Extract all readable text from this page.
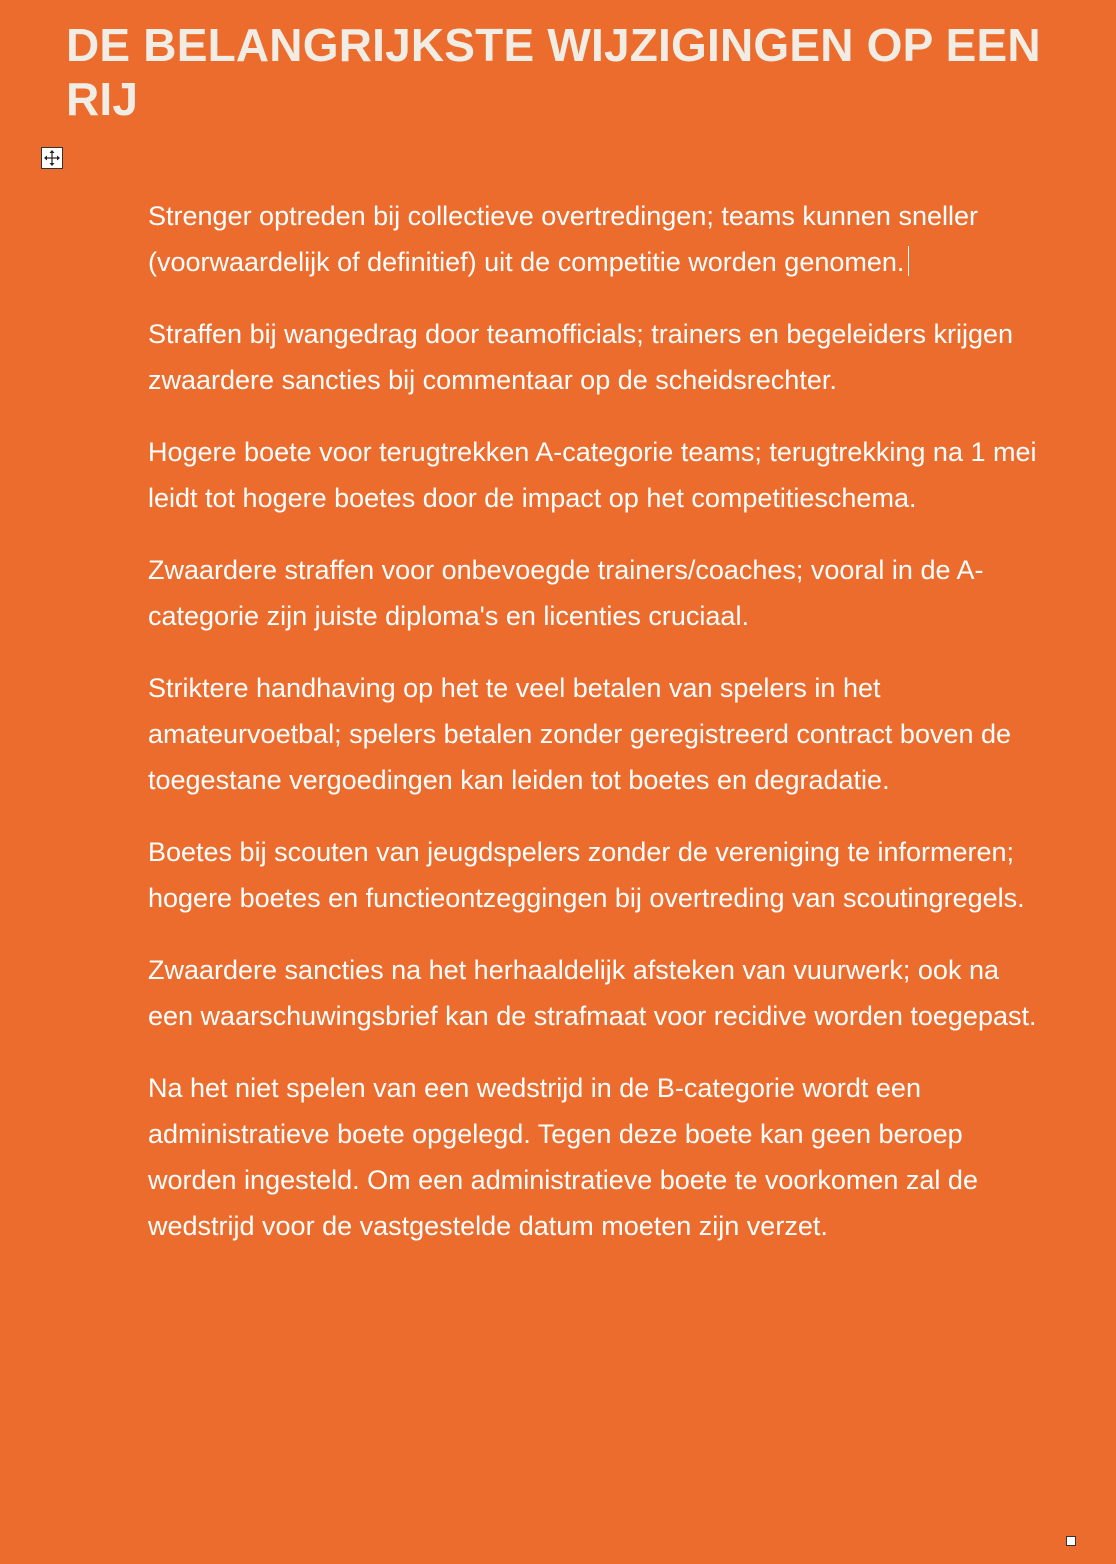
DE BELANGRIJKSTE WIJZIGINGEN OP EEN RIJ

Strenger optreden bij collectieve overtredingen; teams kunnen sneller (voorwaardelijk of definitief) uit de competitie worden genomen.

Straffen bij wangedrag door teamofficials; trainers en begeleiders krijgen zwaardere sancties bij commentaar op de scheidsrechter.

Hogere boete voor terugtrekken A-categorie teams; terugtrekking na 1 mei leidt tot hogere boetes door de impact op het competitieschema.

Zwaardere straffen voor onbevoegde trainers/coaches; vooral in de A-categorie zijn juiste diploma's en licenties cruciaal.

Striktere handhaving op het te veel betalen van spelers in het amateurvoetbal; spelers betalen zonder geregistreerd contract boven de toegestane vergoedingen kan leiden tot boetes en degradatie.

Boetes bij scouten van jeugdspelers zonder de vereniging te informeren; hogere boetes en functieontzeggingen bij overtreding van scoutingregels.

Zwaardere sancties na het herhaaldelijk afsteken van vuurwerk; ook na een waarschuwingsbrief kan de strafmaat voor recidive worden toegepast.

Na het niet spelen van een wedstrijd in de B-categorie wordt een administratieve boete opgelegd. Tegen deze boete kan geen beroep worden ingesteld. Om een administratieve boete te voorkomen zal de wedstrijd voor de vastgestelde datum moeten zijn verzet.
